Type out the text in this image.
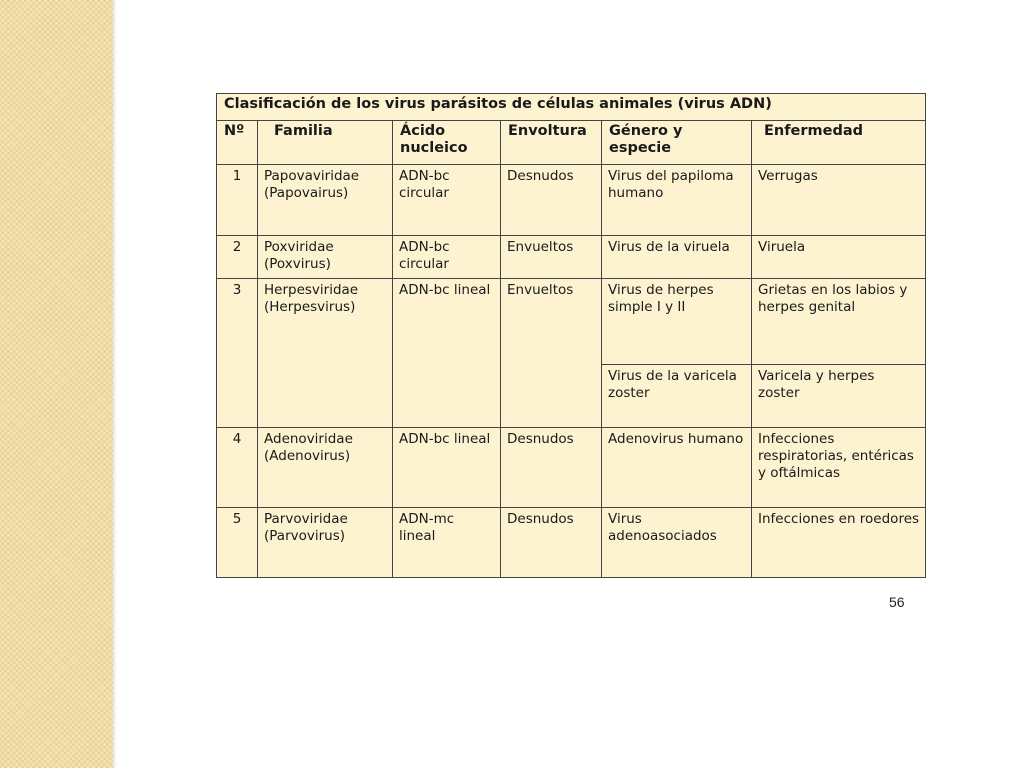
Clasificación de los virus parásitos de células animales (virus ADN)					
Nº	Familia	Ácido nucleico	Envoltura	Género y especie	Enfermedad
1	Papovaviridae (Papovairus)	ADN-bc circular	Desnudos	Virus del papiloma humano	Verrugas
2	Poxviridae (Poxvirus)	ADN-bc circular	Envueltos	Virus de la viruela	Viruela
3	Herpesviridae (Herpesvirus)	ADN-bc lineal	Envueltos	Virus de herpes simple I y II	Grietas en los labios y herpes genital
				Virus de la varicela zoster	Varicela y herpes zoster
4	Adenoviridae (Adenovirus)	ADN-bc lineal	Desnudos	Adenovirus humano	Infecciones respiratorias, entéricas y oftálmicas
5	Parvoviridae (Parvovirus)	ADN-mc lineal	Desnudos	Virus adenoasociados	Infecciones en roedores
56
